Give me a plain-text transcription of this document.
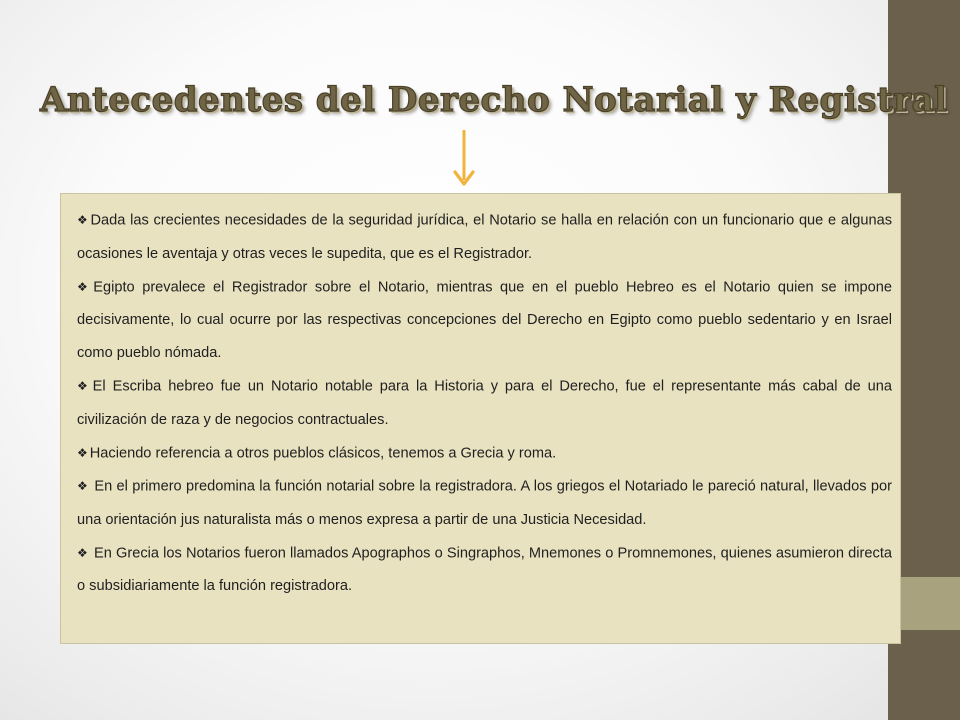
Antecedentes del Derecho Notarial y Registral

❖ Dada las crecientes necesidades de la seguridad jurídica, el Notario se halla en relación con un funcionario que e algunas ocasiones le aventaja y otras veces le supedita, que es el Registrador.

❖ Egipto prevalece el Registrador sobre el Notario, mientras que en el pueblo Hebreo es el Notario quien se impone decisivamente, lo cual ocurre por las respectivas concepciones del Derecho en Egipto como pueblo sedentario y en Israel como pueblo nómada.

❖ El Escriba hebreo fue un Notario notable para la Historia y para el Derecho, fue el representante más cabal de una civilización de raza y de negocios contractuales.

❖ Haciendo referencia a otros pueblos clásicos, tenemos a Grecia y roma.

❖ En el primero predomina la función notarial sobre la registradora. A los griegos el Notariado le pareció natural, llevados por una orientación jus naturalista más o menos expresa a partir de una Justicia Necesidad.

❖ En Grecia los Notarios fueron llamados Apographos o Singraphos, Mnemones o Promnemones, quienes asumieron directa o subsidiariamente la función registradora.
